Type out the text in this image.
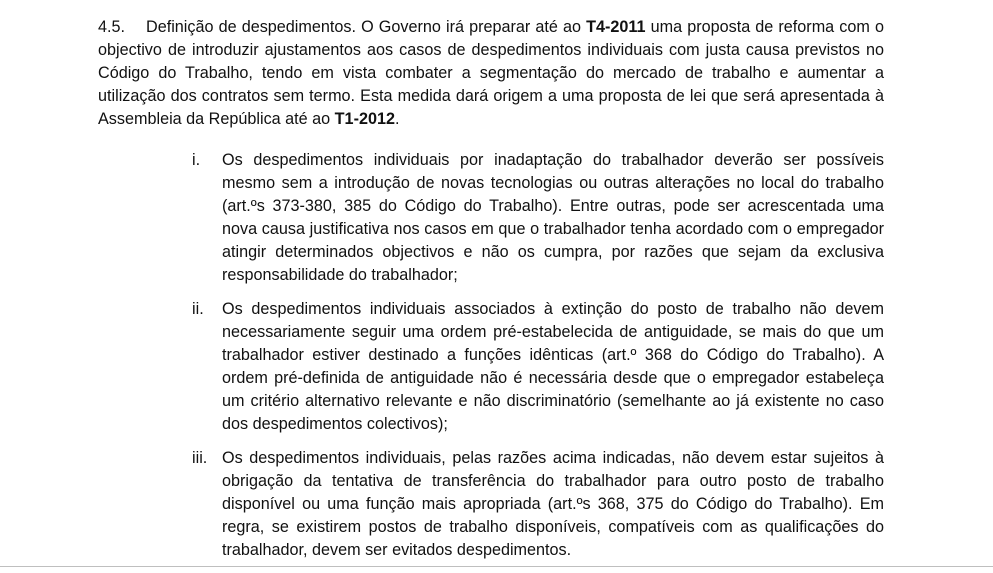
4.5. Definição de despedimentos. O Governo irá preparar até ao T4-2011 uma proposta de reforma com o objectivo de introduzir ajustamentos aos casos de despedimentos individuais com justa causa previstos no Código do Trabalho, tendo em vista combater a segmentação do mercado de trabalho e aumentar a utilização dos contratos sem termo. Esta medida dará origem a uma proposta de lei que será apresentada à Assembleia da República até ao T1-2012.
i.	Os despedimentos individuais por inadaptação do trabalhador deverão ser possíveis mesmo sem a introdução de novas tecnologias ou outras alterações no local do trabalho (art.ºs 373-380, 385 do Código do Trabalho). Entre outras, pode ser acrescentada uma nova causa justificativa nos casos em que o trabalhador tenha acordado com o empregador atingir determinados objectivos e não os cumpra, por razões que sejam da exclusiva responsabilidade do trabalhador;
ii.	Os despedimentos individuais associados à extinção do posto de trabalho não devem necessariamente seguir uma ordem pré-estabelecida de antiguidade, se mais do que um trabalhador estiver destinado a funções idênticas (art.º 368 do Código do Trabalho). A ordem pré-definida de antiguidade não é necessária desde que o empregador estabeleça um critério alternativo relevante e não discriminatório (semelhante ao já existente no caso dos despedimentos colectivos);
iii. Os despedimentos individuais, pelas razões acima indicadas, não devem estar sujeitos à obrigação da tentativa de transferência do trabalhador para outro posto de trabalho disponível ou uma função mais apropriada (art.ºs 368, 375 do Código do Trabalho). Em regra, se existirem postos de trabalho disponíveis, compatíveis com as qualificações do trabalhador, devem ser evitados despedimentos.
